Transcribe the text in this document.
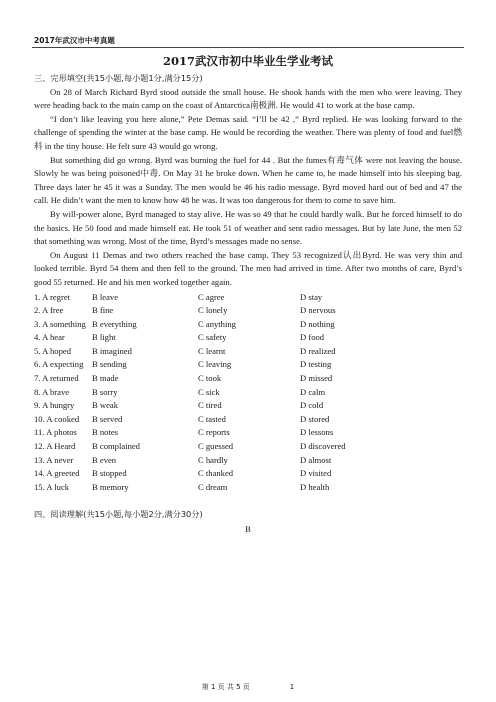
2017年武汉市中考真题
2017武汉市初中毕业生学业考试
三、完形填空(共15小题,每小题1分,满分15分)

On 28 of March Richard Byrd stood outside the small house. He shook hands with the men who were leaving. They were heading back to the main camp on the coast of Antarctica南极洲. He would 41 to work at the base camp.

“I don’t like leaving you here alone,” Pete Demas said. “I’ll be 42 ,” Byrd replied. He was looking forward to the challenge of spending the winter at the base camp. He would be recording the weather. There was plenty of food and fuel燃料 in the tiny house. He felt sure 43 would go wrong.

But something did go wrong. Byrd was burning the fuel for 44 . But the fumes有毒气体 were not leaving the house. Slowly he was being poisoned中毒. On May 31 he broke down. When he came to, he made himself into his sleeping bag. Three days later he 45 it was a Sunday. The men would be 46 his radio message. Byrd moved hard out of bed and 47 the call. He didn’t want the men to know how 48 he was. It was too dangerous for them to come to save him.

By will-power alone, Byrd managed to stay alive. He was so 49 that he could hardly walk. But he forced himself to do the basics. He 50 food and made himself eat. He took 51 of weather and sent radio messages. But by late June, the men 52 that something was wrong. Most of the time, Byrd’s messages made no sense.

On August 11 Demas and two others reached the base camp. They 53 recognized认出Byrd. He was very thin and looked terrible. Byrd 54 them and then fell to the ground. The men had arrived in time. After two months of care, Byrd’s good 55 returned. He and his men worked together again.

1. A regret	B leave	C agree	D stay
2. A free	B fine	C lonely	D nervous
3. A something	B everything	C anything	D nothing
4. A hear	B light	C safety	D food
5. A hoped	B imagined	C learnt	D realized
6. A expecting	B sending	C leaving	D testing
7. A returned	B made	C took	D missed
8. A brave	B sorry	C sick	D calm
9. A hungry	B weak	C tired	D cold
10. A cooked	B served	C tasted	D stored
11. A photos	B notes	C reports	D lessons
12. A Heard	B complained	C guessed	D discovered
13. A never	B even	C hardly	D almost
14. A greeted	B stopped	C thanked	D visited
15. A luck	B memory	C dream	D health
四、阅读理解(共15小题,每小题2分,满分30分)
B
第 1 页 共 5 页	1
